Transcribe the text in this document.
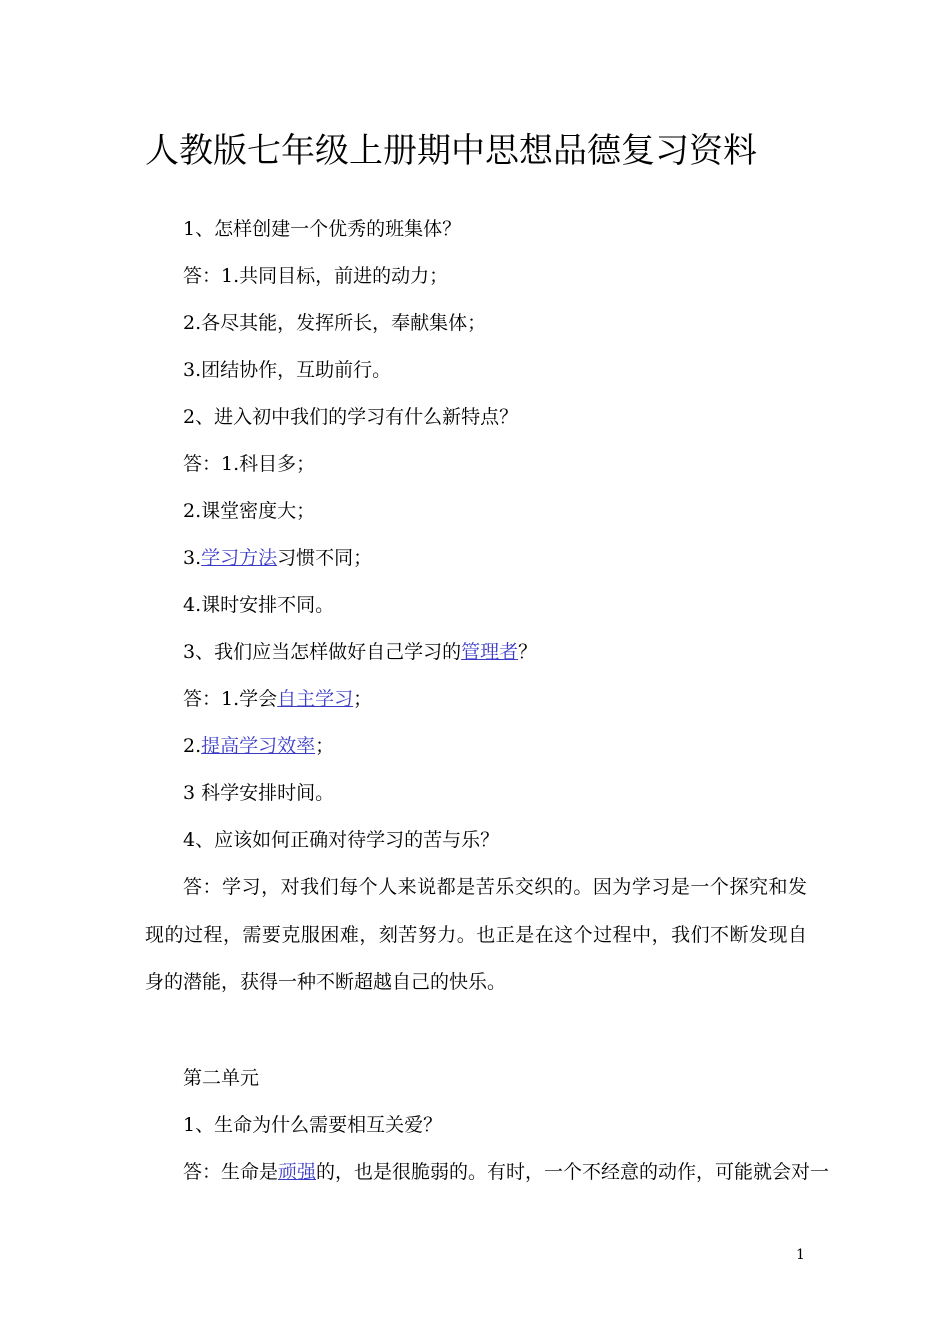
人教版七年级上册期中思想品德复习资料

1、怎样创建一个优秀的班集体？

答：1.共同目标，前进的动力；

2.各尽其能，发挥所长，奉献集体；

3.团结协作，互助前行。

2、进入初中我们的学习有什么新特点？

答：1.科目多；

2.课堂密度大；

3.学习方法习惯不同；

4.课时安排不同。

3、我们应当怎样做好自己学习的管理者？

答：1.学会自主学习；

2.提高学习效率；

3 科学安排时间。

4、应该如何正确对待学习的苦与乐？

答：学习，对我们每个人来说都是苦乐交织的。因为学习是一个探究和发现的过程，需要克服困难，刻苦努力。也正是在这个过程中，我们不断发现自身的潜能，获得一种不断超越自己的快乐。

第二单元

1、生命为什么需要相互关爱？

答：生命是顽强的，也是很脆弱的。有时，一个不经意的动作，可能就会对一

1
